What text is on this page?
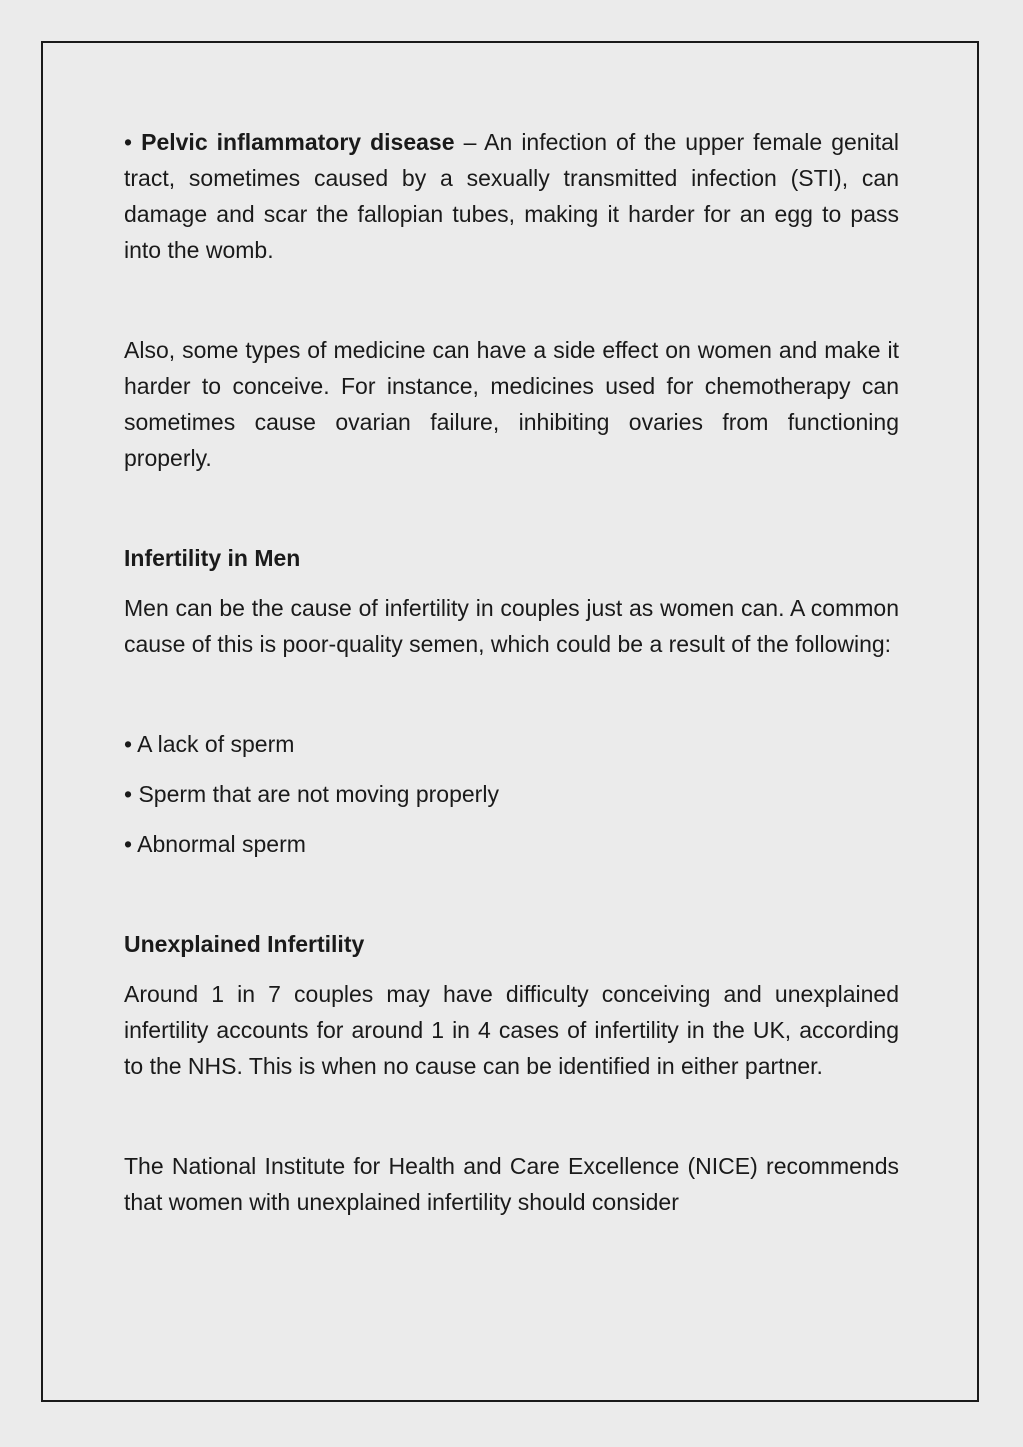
• Pelvic inflammatory disease – An infection of the upper female genital tract, sometimes caused by a sexually transmitted infection (STI), can damage and scar the fallopian tubes, making it harder for an egg to pass into the womb.

Also, some types of medicine can have a side effect on women and make it harder to conceive. For instance, medicines used for chemotherapy can sometimes cause ovarian failure, inhibiting ovaries from functioning properly.

Infertility in Men

Men can be the cause of infertility in couples just as women can. A common cause of this is poor-quality semen, which could be a result of the following:

• A lack of sperm
• Sperm that are not moving properly
• Abnormal sperm
Unexplained Infertility

Around 1 in 7 couples may have difficulty conceiving and unexplained infertility accounts for around 1 in 4 cases of infertility in the UK, according to the NHS. This is when no cause can be identified in either partner.

The National Institute for Health and Care Excellence (NICE) recommends that women with unexplained infertility should consider
